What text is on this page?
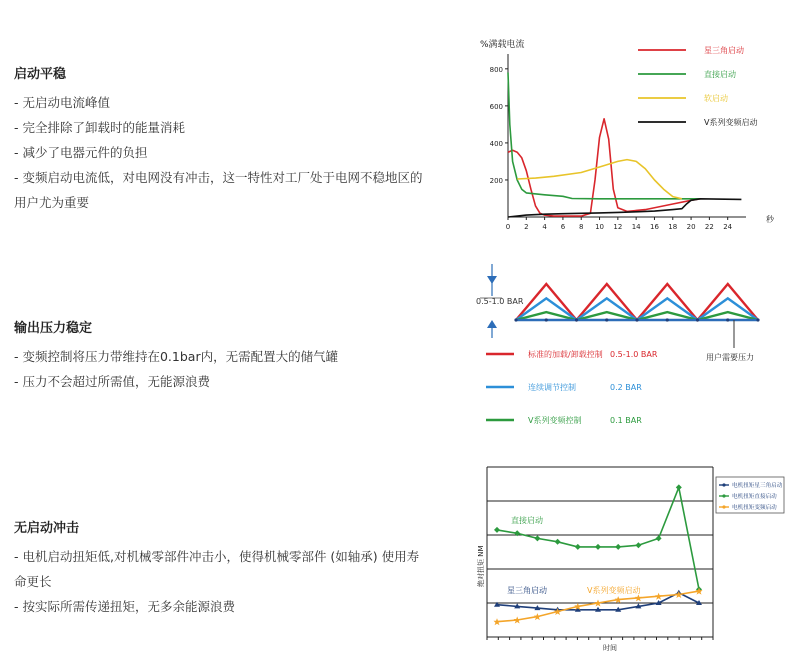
启动平稳
- 无启动电流峰值
- 完全排除了卸载时的能量消耗
- 减少了电器元件的负担
- 变频启动电流低，对电网没有冲击，这一特性对工厂处于电网不稳地区的
用户尤为重要
输出压力稳定
- 变频控制将压力带维持在0.1bar内，无需配置大的储气罐
- 压力不会超过所需值，无能源浪费
无启动冲击
- 电机启动扭矩低,对机械零部件冲击小，使得机械零部件 (如轴承) 使用寿
命更长
- 按实际所需传递扭矩，无多余能源浪费
%满载电流
秒
200
400
600
800
0 2 4 6 8 10 12 14 16 18 20 22 24
星三角启动
直接启动
软启动
V系列变频启动
0.5-1.0 BAR
用户需要压力
标准的加载/卸载控制 0.5-1.0 BAR
连续调节控制	0.2 BAR
V系列变频控制	0.1 BAR
绝对扭矩 NM
时间
直接启动
星三角启动	V系列变频启动
电机扭矩星三角启动
电机扭矩直接启动
电机扭矩变频启动
